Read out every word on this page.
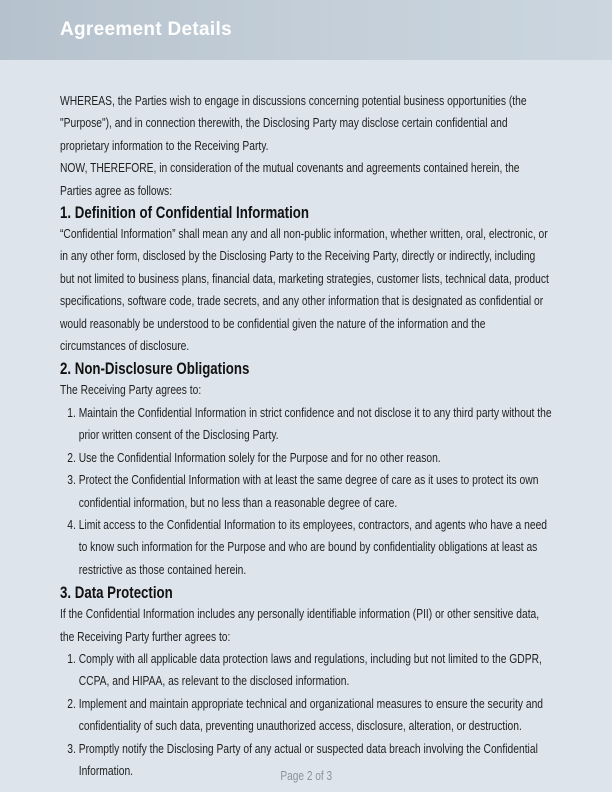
Agreement Details

WHEREAS, the Parties wish to engage in discussions concerning potential business opportunities (the "Purpose"), and in connection therewith, the Disclosing Party may disclose certain confidential and proprietary information to the Receiving Party.

NOW, THEREFORE, in consideration of the mutual covenants and agreements contained herein, the Parties agree as follows:

1. Definition of Confidential Information

“Confidential Information” shall mean any and all non-public information, whether written, oral, electronic, or in any other form, disclosed by the Disclosing Party to the Receiving Party, directly or indirectly, including but not limited to business plans, financial data, marketing strategies, customer lists, technical data, product specifications, software code, trade secrets, and any other information that is designated as confidential or would reasonably be understood to be confidential given the nature of the information and the circumstances of disclosure.

2. Non-Disclosure Obligations

The Receiving Party agrees to:

1. Maintain the Confidential Information in strict confidence and not disclose it to any third party without the prior written consent of the Disclosing Party.
2. Use the Confidential Information solely for the Purpose and for no other reason.
3. Protect the Confidential Information with at least the same degree of care as it uses to protect its own confidential information, but no less than a reasonable degree of care.
4. Limit access to the Confidential Information to its employees, contractors, and agents who have a need to know such information for the Purpose and who are bound by confidentiality obligations at least as restrictive as those contained herein.
3. Data Protection

If the Confidential Information includes any personally identifiable information (PII) or other sensitive data, the Receiving Party further agrees to:

1. Comply with all applicable data protection laws and regulations, including but not limited to the GDPR, CCPA, and HIPAA, as relevant to the disclosed information.
2. Implement and maintain appropriate technical and organizational measures to ensure the security and confidentiality of such data, preventing unauthorized access, disclosure, alteration, or destruction.
3. Promptly notify the Disclosing Party of any actual or suspected data breach involving the Confidential Information.	Page 2 of 3
